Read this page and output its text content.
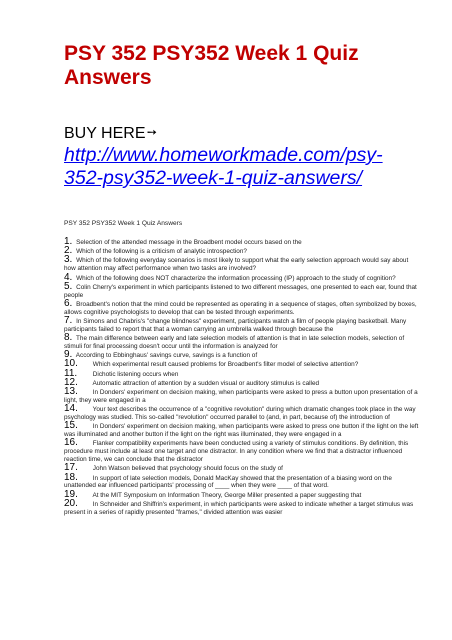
PSY 352 PSY352 Week 1 Quiz Answers
BUY HERE➘
http://www.homeworkmade.com/psy-352-psy352-week-1-quiz-answers/
PSY 352 PSY352 Week 1 Quiz Answers
1. Selection of the attended message in the Broadbent model occurs based on the
2. Which of the following is a criticism of analytic introspection?
3. Which of the following everyday scenarios is most likely to support what the early selection approach would say about how attention may affect performance when two tasks are involved?
4. Which of the following does NOT characterize the information processing (IP) approach to the study of cognition?
5. Colin Cherry's experiment in which participants listened to two different messages, one presented to each ear, found that people
6. Broadbent's notion that the mind could be represented as operating in a sequence of stages, often symbolized by boxes, allows cognitive psychologists to develop that can be tested through experiments.
7. In Simons and Chabris's "change blindness" experiment, participants watch a film of people playing basketball. Many participants failed to report that that a woman carrying an umbrella walked through because the
8. The main difference between early and late selection models of attention is that in late selection models, selection of stimuli for final processing doesn't occur until the information is analyzed for
9. According to Ebbinghaus' savings curve, savings is a function of
10. Which experimental result caused problems for Broadbent's filter model of selective attention?
11. Dichotic listening occurs when
12. Automatic attraction of attention by a sudden visual or auditory stimulus is called
13. In Donders' experiment on decision making, when participants were asked to press a button upon presentation of a light, they were engaged in a
14. Your text describes the occurrence of a "cognitive revolution" during which dramatic changes took place in the way psychology was studied. This so-called "revolution" occurred parallel to (and, in part, because of) the introduction of
15. In Donders' experiment on decision making, when participants were asked to press one button if the light on the left was illuminated and another button if the light on the right was illuminated, they were engaged in a
16. Flanker compatibility experiments have been conducted using a variety of stimulus conditions. By definition, this procedure must include at least one target and one distractor. In any condition where we find that a distractor influenced reaction time, we can conclude that the distractor
17. John Watson believed that psychology should focus on the study of
18. In support of late selection models, Donald MacKay showed that the presentation of a biasing word on the unattended ear influenced participants' processing of ____ when they were ____ of that word.
19. At the MIT Symposium on Information Theory, George Miller presented a paper suggesting that
20. In Schneider and Shiffrin's experiment, in which participants were asked to indicate whether a target stimulus was present in a series of rapidly presented "frames," divided attention was easier
